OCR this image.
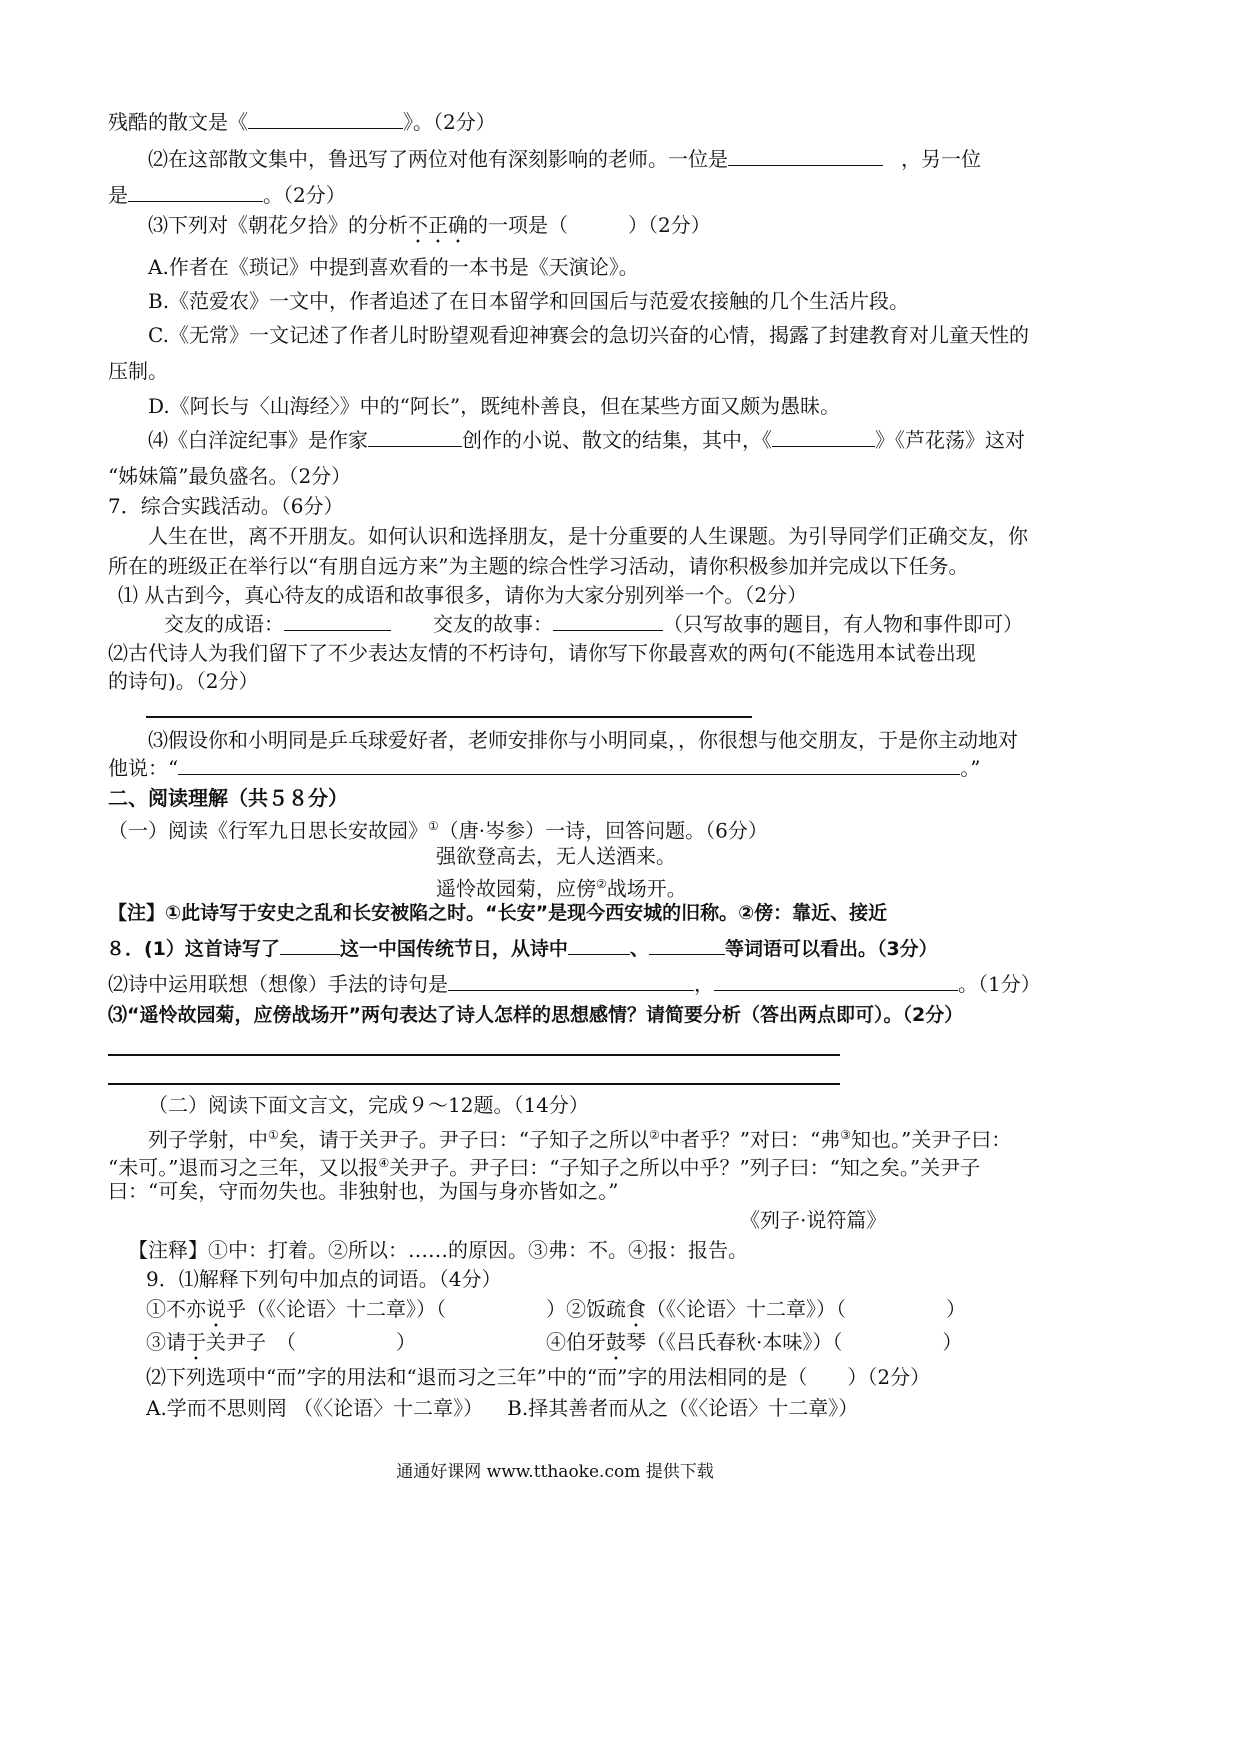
残酷的散文是《	》。（2分）
⑵在这部散文集中，鲁迅写了两位对他有深刻影响的老师。一位是	，另一位
是	。（2分）
⑶下列对《朝花夕拾》的分析不正确的一项是（　　　）（2分）
A.作者在《琐记》中提到喜欢看的一本书是《天演论》。
B.《范爱农》一文中，作者追述了在日本留学和回国后与范爱农接触的几个生活片段。
C.《无常》一文记述了作者儿时盼望观看迎神赛会的急切兴奋的心情，揭露了封建教育对儿童天性的
压制。
D.《阿长与〈山海经〉》中的“阿长”，既纯朴善良，但在某些方面又颇为愚昧。
⑷《白洋淀纪事》是作家	创作的小说、散文的结集，其中，《	》《芦花荡》这对
“姊妹篇”最负盛名。（2分）
7．综合实践活动。（6分）
人生在世，离不开朋友。如何认识和选择朋友，是十分重要的人生课题。为引导同学们正确交友，你
所在的班级正在举行以“有朋自远方来”为主题的综合性学习活动，请你积极参加并完成以下任务。
⑴ 从古到今，真心待友的成语和故事很多，请你为大家分别列举一个。（2分）
交友的成语：	交友的故事：	（只写故事的题目，有人物和事件即可）
⑵古代诗人为我们留下了不少表达友情的不朽诗句，请你写下你最喜欢的两句(不能选用本试卷出现
的诗句)。（2分）
⑶假设你和小明同是乒乓球爱好者，老师安排你与小明同桌，，你很想与他交朋友，于是你主动地对
他说：“	。”
二、阅读理解（共５８分）
（一）阅读《行军九日思长安故园》①（唐·岑参）一诗，回答问题。（6分）
强欲登高去，无人送酒来。
遥怜故园菊，应傍②战场开。
【注】①此诗写于安史之乱和长安被陷之时。“长安”是现今西安城的旧称。②傍：靠近、接近
８．(1）这首诗写了	这一中国传统节日，从诗中	、	等词语可以看出。（3分）
⑵诗中运用联想（想像）手法的诗句是	，	。（1分）
⑶“遥怜故园菊，应傍战场开”两句表达了诗人怎样的思想感情？请简要分析（答出两点即可）。（2分）
（二）阅读下面文言文，完成９～12题。（14分）
列子学射，中①矣，请于关尹子。尹子曰：“子知子之所以②中者乎？”对曰：“弗③知也。”关尹子曰：
“未可。”退而习之三年，又以报④关尹子。尹子曰：“子知子之所以中乎？”列子曰：“知之矣。”关尹子
曰：“可矣，守而勿失也。非独射也，为国与身亦皆如之。”
《列子·说符篇》
【注释】①中：打着。②所以：……的原因。③弗：不。④报：报告。
9．⑴解释下列句中加点的词语。（4分）
①不亦说乎（《〈论语〉十二章》）（　　　　　）②饭疏食（《〈论语〉十二章》）（　　　　　）
③请于关尹子　（　　　　　）	④伯牙鼓琴（《吕氏春秋·本味》）（　　　　　）
⑵下列选项中“而”字的用法和“退而习之三年”中的“而”字的用法相同的是（　　）（2分）
A.学而不思则罔 （《〈论语〉十二章》） B.择其善者而从之（《〈论语〉十二章》）
通通好课网 www.tthaoke.com 提供下载
